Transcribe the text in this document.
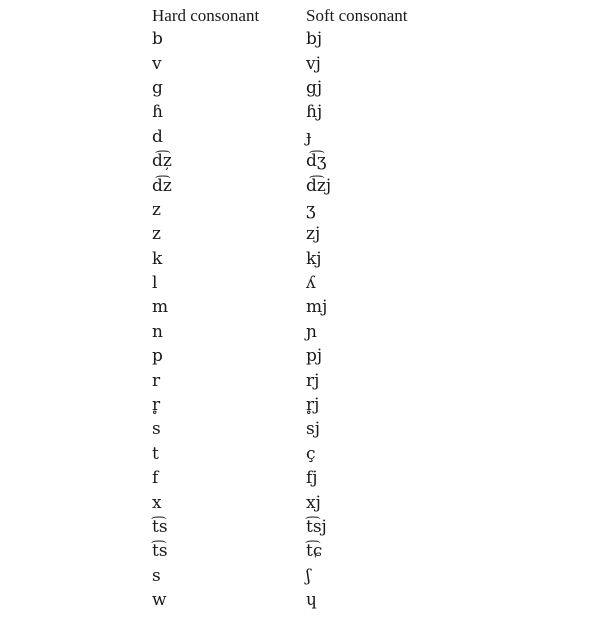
Hard consonant	Soft consonant
b	bj
v	vj
g	gj
ɦ	ɦj
d	ɟ
d͡z̦	d͡ʒ
d͡z	d͡zj
z	ʒ
z	zj
k	kj
l	ʎ
m	mj
n	ɲ
p	pj
r	rj
r̥	r̥j
s	sj
t	ç
f	fj
x	xj
t͡s	t͡sj
t͡s	t͡ɕ
s	ʃ
w	ɥ
